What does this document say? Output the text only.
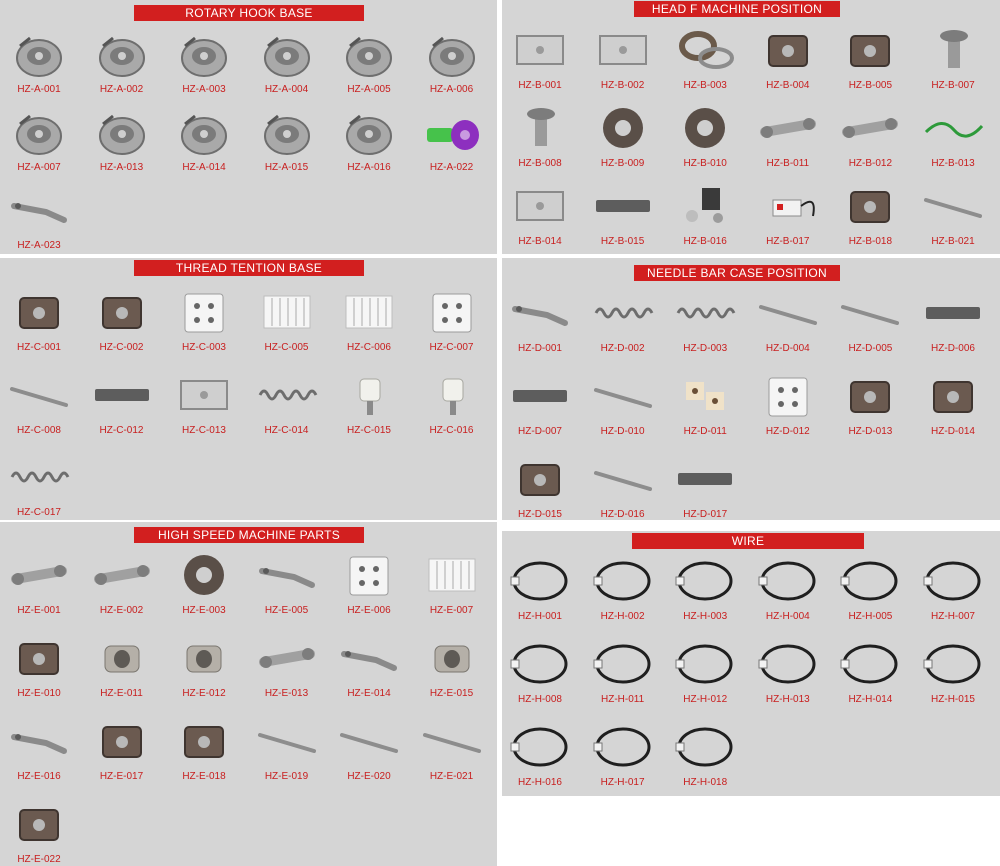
ROTARY HOOK BASE
HZ-A-001	HZ-A-002	HZ-A-003	HZ-A-004	HZ-A-005	HZ-A-006
HZ-A-007	HZ-A-013	HZ-A-014	HZ-A-015	HZ-A-016	HZ-A-022
HZ-A-023
HEAD F MACHINE POSITION
HZ-B-001	HZ-B-002	HZ-B-003	HZ-B-004	HZ-B-005	HZ-B-007
HZ-B-008	HZ-B-009	HZ-B-010	HZ-B-011	HZ-B-012	HZ-B-013
HZ-B-014	HZ-B-015	HZ-B-016	HZ-B-017	HZ-B-018	HZ-B-021
THREAD TENTION BASE
HZ-C-001	HZ-C-002	HZ-C-003	HZ-C-005	HZ-C-006	HZ-C-007
HZ-C-008	HZ-C-012	HZ-C-013	HZ-C-014	HZ-C-015	HZ-C-016
HZ-C-017
NEEDLE BAR CASE POSITION
HZ-D-001	HZ-D-002	HZ-D-003	HZ-D-004	HZ-D-005	HZ-D-006
HZ-D-007	HZ-D-010	HZ-D-011	HZ-D-012	HZ-D-013	HZ-D-014
HZ-D-015	HZ-D-016	HZ-D-017
HIGH SPEED MACHINE PARTS
HZ-E-001	HZ-E-002	HZ-E-003	HZ-E-005	HZ-E-006	HZ-E-007
HZ-E-010	HZ-E-011	HZ-E-012	HZ-E-013	HZ-E-014	HZ-E-015
HZ-E-016	HZ-E-017	HZ-E-018	HZ-E-019	HZ-E-020	HZ-E-021
HZ-E-022
WIRE
HZ-H-001	HZ-H-002	HZ-H-003	HZ-H-004	HZ-H-005	HZ-H-007
HZ-H-008	HZ-H-011	HZ-H-012	HZ-H-013	HZ-H-014	HZ-H-015
HZ-H-016	HZ-H-017	HZ-H-018
